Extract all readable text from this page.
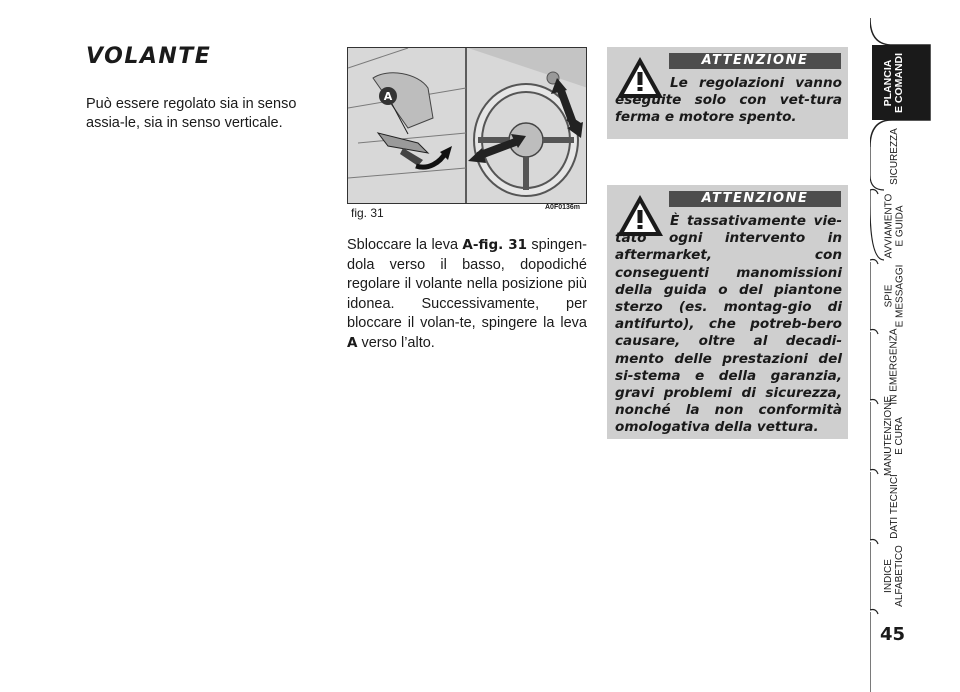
VOLANTE

Può essere regolato sia in senso assia-le, sia in senso verticale.

A
fig. 31	A0F0136m

Sbloccare la leva A-fig. 31 spingen-dola verso il basso, dopodiché regolare il volante nella posizione più idonea. Successivamente, per bloccare il volan-te, spingere la leva A verso l’alto.

ATTENZIONE

Le regolazioni vanno eseguite solo con vet-tura ferma e motore spento.

ATTENZIONE

È tassativamente vie-tato ogni intervento in aftermarket, con conseguenti manomissioni della guida o del piantone sterzo (es. montag-gio di antifurto), che potreb-bero causare, oltre al decadi-mento delle prestazioni del si-stema e della garanzia, gravi problemi di sicurezza, nonché la non conformità omologativa della vettura.

PLANCIA
E COMANDI
SICUREZZA
AVVIAMENTO
E GUIDA
SPIE
E MESSAGGI
IN EMERGENZA
MANUTENZIONE
E CURA
DATI TECNICI
INDICE
ALFABETICO
45
